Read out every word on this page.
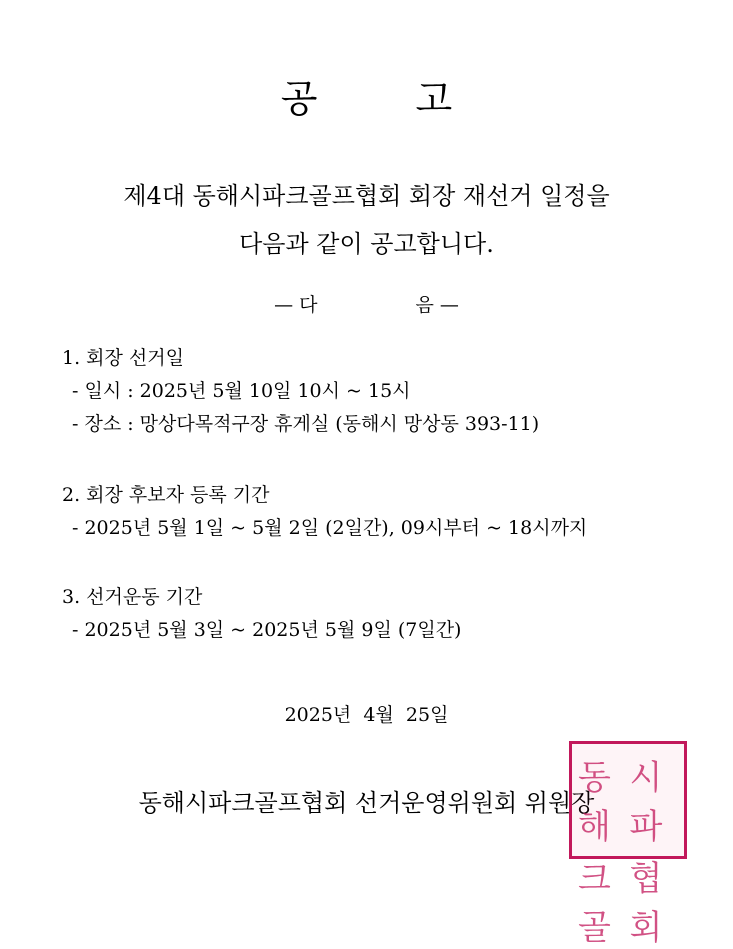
공	고
제4대 동해시파크골프협회 회장 재선거 일정을
다음과 같이 공고합니다.
— 다	음 —
1. 회장 선거일
- 일시 : 2025년 5월 10일 10시 ~ 15시
- 장소 : 망상다목적구장 휴게실 (동해시 망상동 393-11)
2. 회장 후보자 등록 기간
- 2025년 5월 1일 ~ 5월 2일 (2일간), 09시부터 ~ 18시까지
3. 선거운동 기간
- 2025년 5월 3일 ~ 2025년 5월 9일 (7일간)
2025년  4월  25일
동해시파크골프협회 선거운영위원회 위원장
동해
시파
크골
협회
